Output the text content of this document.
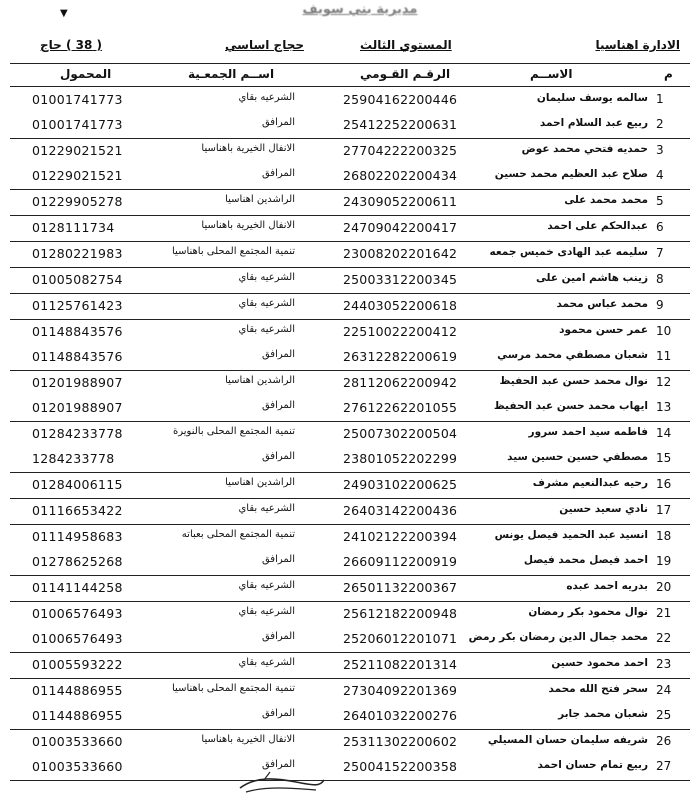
▼	مديرية بني سويف
الادارة اهناسيا
المستوي الثالث
حجاج اساسي
( 38 ) حاج
م
الاســم
الرقـم القـومي
اســم الجمعـية
المحمول
1
سالمه يوسف سليمان
25904162200446
الشرعيه بقاي
01001741773
2
ربيع عبد السلام احمد
25412252200631
المرافق
01001741773
3
حمديه فتحي محمد عوض
27704222200325
الانفال الخيرية باهناسيا
01229021521
4
صلاح عبد العظيم محمد حسين
26802202200434
المرافق
01229021521
5
محمد محمد على
24309052200611
الراشدين اهناسيا
01229905278
6
عبدالحكم على احمد
24709042200417
الانفال الخيرية باهناسيا
0128111734
7
سليمه عبد الهادى خميس جمعه
23008202201642
تنمية المجتمع المحلى باهناسيا
01280221983
8
زينب هاشم امين على
25003312200345
الشرعيه بقاي
01005082754
9
محمد عباس محمد
24403052200618
الشرعيه بقاي
01125761423
10
عمر حسن محمود
22510022200412
الشرعيه بقاي
01148843576
11
شعبان مصطفي محمد مرسي
26312282200619
المرافق
01148843576
12
نوال محمد حسن عبد الحفيظ
28112062200942
الراشدين اهناسيا
01201988907
13
ايهاب محمد حسن عبد الحفيظ
27612262201055
المرافق
01201988907
14
فاطمه سيد احمد سرور
25007302200504
تنمية المجتمع المحلى بالنويرة
01284233778
15
مصطفي حسين حسين سيد
23801052202299
المرافق
1284233778
16
رحيه عبدالنعيم مشرف
24903102200625
الراشدين اهناسيا
01284006115
17
نادي سعيد حسين
26403142200436
الشرعيه بقاي
01116653422
18
انسيد عبد الحميد فيصل يونس
24102122200394
تنمية المجتمع المحلى بعباته
01114958683
19
احمد فيصل محمد فيصل
26609112200919
المرافق
01278625268
20
بدريه احمد عبده
26501132200367
الشرعيه بقاي
01141144258
21
نوال محمود بكر رمضان
25612182200948
الشرعيه بقاي
01006576493
22
محمد جمال الدين رمضان بكر رمض
25206012201071
المرافق
01006576493
23
احمد محمود حسين
25211082201314
الشرعيه بقاي
01005593222
24
سحر فتح الله محمد
27304092201369
تنمية المجتمع المحلى باهناسيا
01144886955
25
شعبان محمد جابر
26401032200276
المرافق
01144886955
26
شريفه سليمان حسان المسيلي
25311302200602
الانفال الخيرية باهناسيا
01003533660
27
ربيع تمام حسان احمد
25004152200358
المرافق
01003533660
